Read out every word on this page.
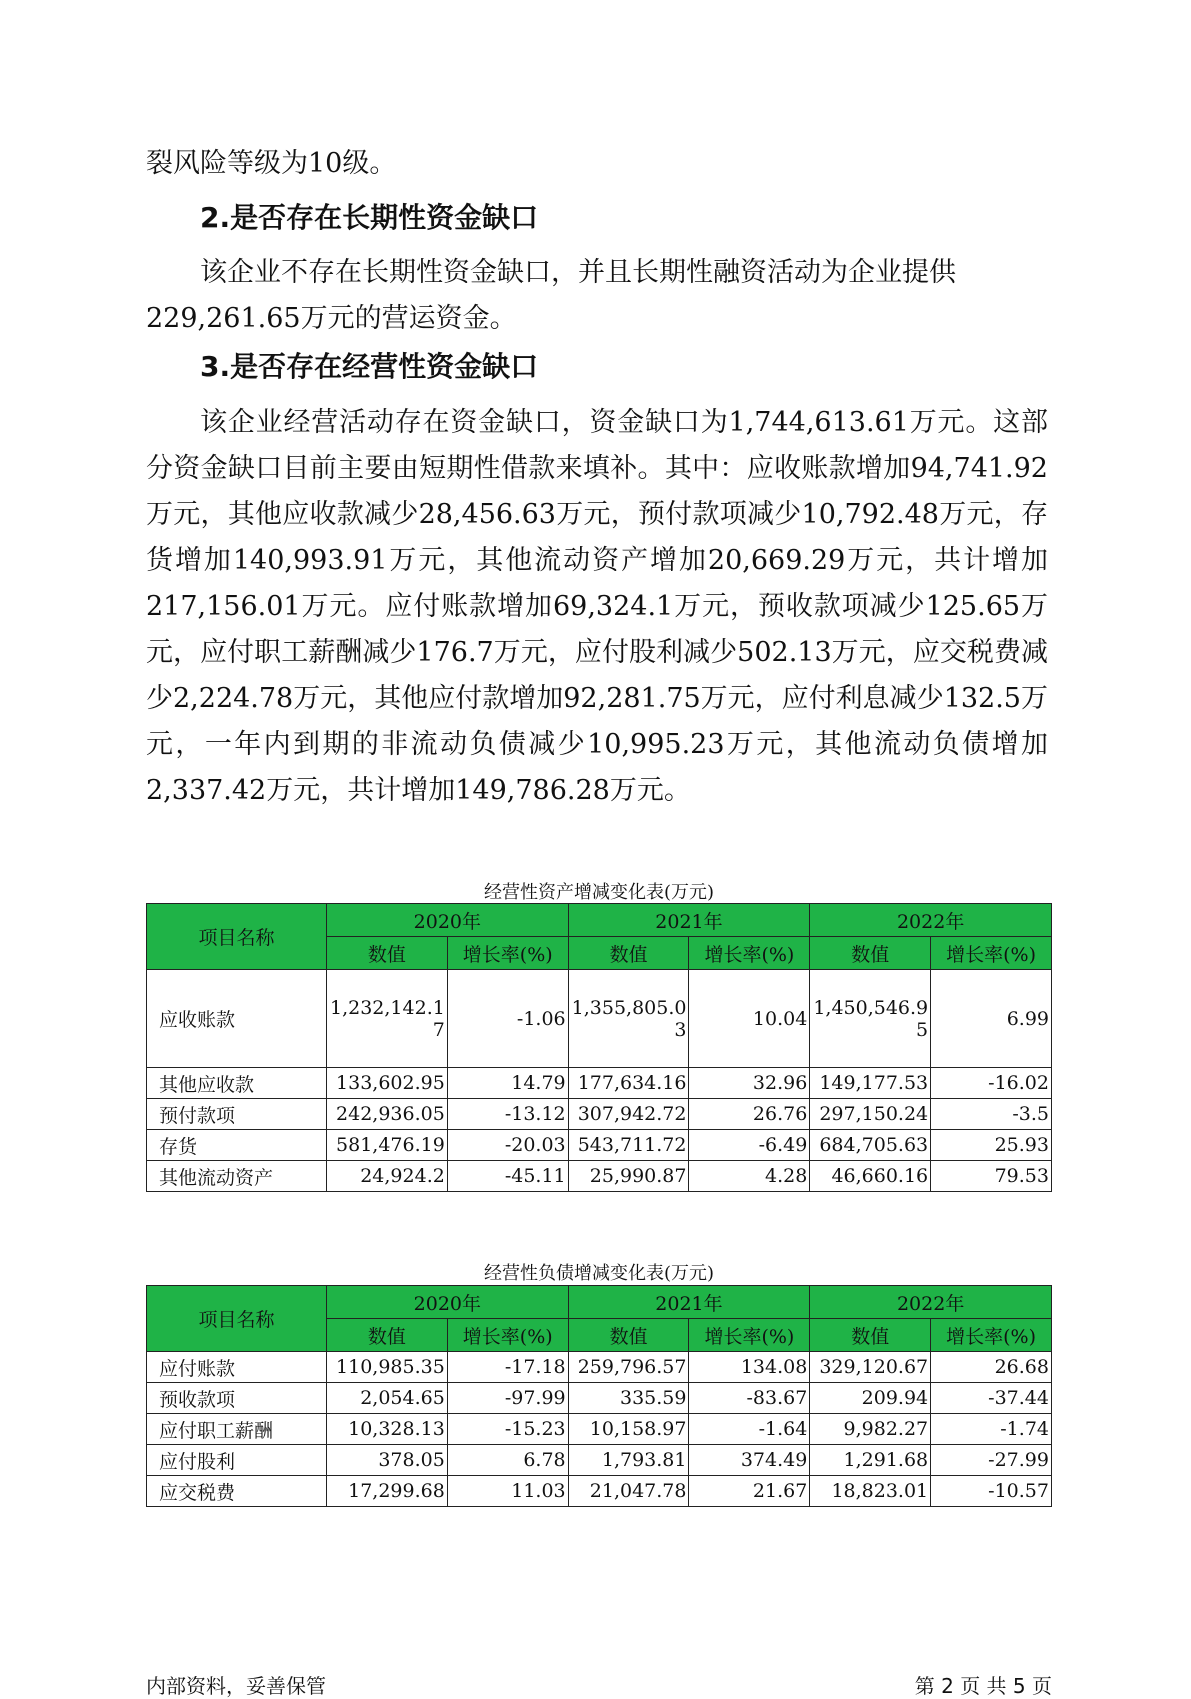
裂风险等级为10级。

2.是否存在长期性资金缺口

该企业不存在长期性资金缺口，并且长期性融资活动为企业提供

229,261.65万元的营运资金。

3.是否存在经营性资金缺口

该企业经营活动存在资金缺口，资金缺口为1,744,613.61万元。这部分资金缺口目前主要由短期性借款来填补。其中：应收账款增加94,741.92万元，其他应收款减少28,456.63万元，预付款项减少10,792.48万元，存货增加140,993.91万元，其他流动资产增加20,669.29万元，共计增加217,156.01万元。应付账款增加69,324.1万元，预收款项减少125.65万元，应付职工薪酬减少176.7万元，应付股利减少502.13万元，应交税费减少2,224.78万元，其他应付款增加92,281.75万元，应付利息减少132.5万元，一年内到期的非流动负债减少10,995.23万元，其他流动负债增加2,337.42万元，共计增加149,786.28万元。

经营性资产增减变化表(万元)
项目名称	2020年		2021年		2022年	
	数值	增长率(%)	数值	增长率(%)	数值	增长率(%)
应收账款	1,232,142.17	-1.06	1,355,805.03	10.04	1,450,546.95	6.99
其他应收款	133,602.95	14.79	177,634.16	32.96	149,177.53	-16.02
预付款项	242,936.05	-13.12	307,942.72	26.76	297,150.24	-3.5
存货	581,476.19	-20.03	543,711.72	-6.49	684,705.63	25.93
其他流动资产	24,924.2	-45.11	25,990.87	4.28	46,660.16	79.53
经营性负债增减变化表(万元)
项目名称	2020年		2021年		2022年	
	数值	增长率(%)	数值	增长率(%)	数值	增长率(%)
应付账款	110,985.35	-17.18	259,796.57	134.08	329,120.67	26.68
预收款项	2,054.65	-97.99	335.59	-83.67	209.94	-37.44
应付职工薪酬	10,328.13	-15.23	10,158.97	-1.64	9,982.27	-1.74
应付股利	378.05	6.78	1,793.81	374.49	1,291.68	-27.99
应交税费	17,299.68	11.03	21,047.78	21.67	18,823.01	-10.57
内部资料，妥善保管	第 2 页 共 5 页
